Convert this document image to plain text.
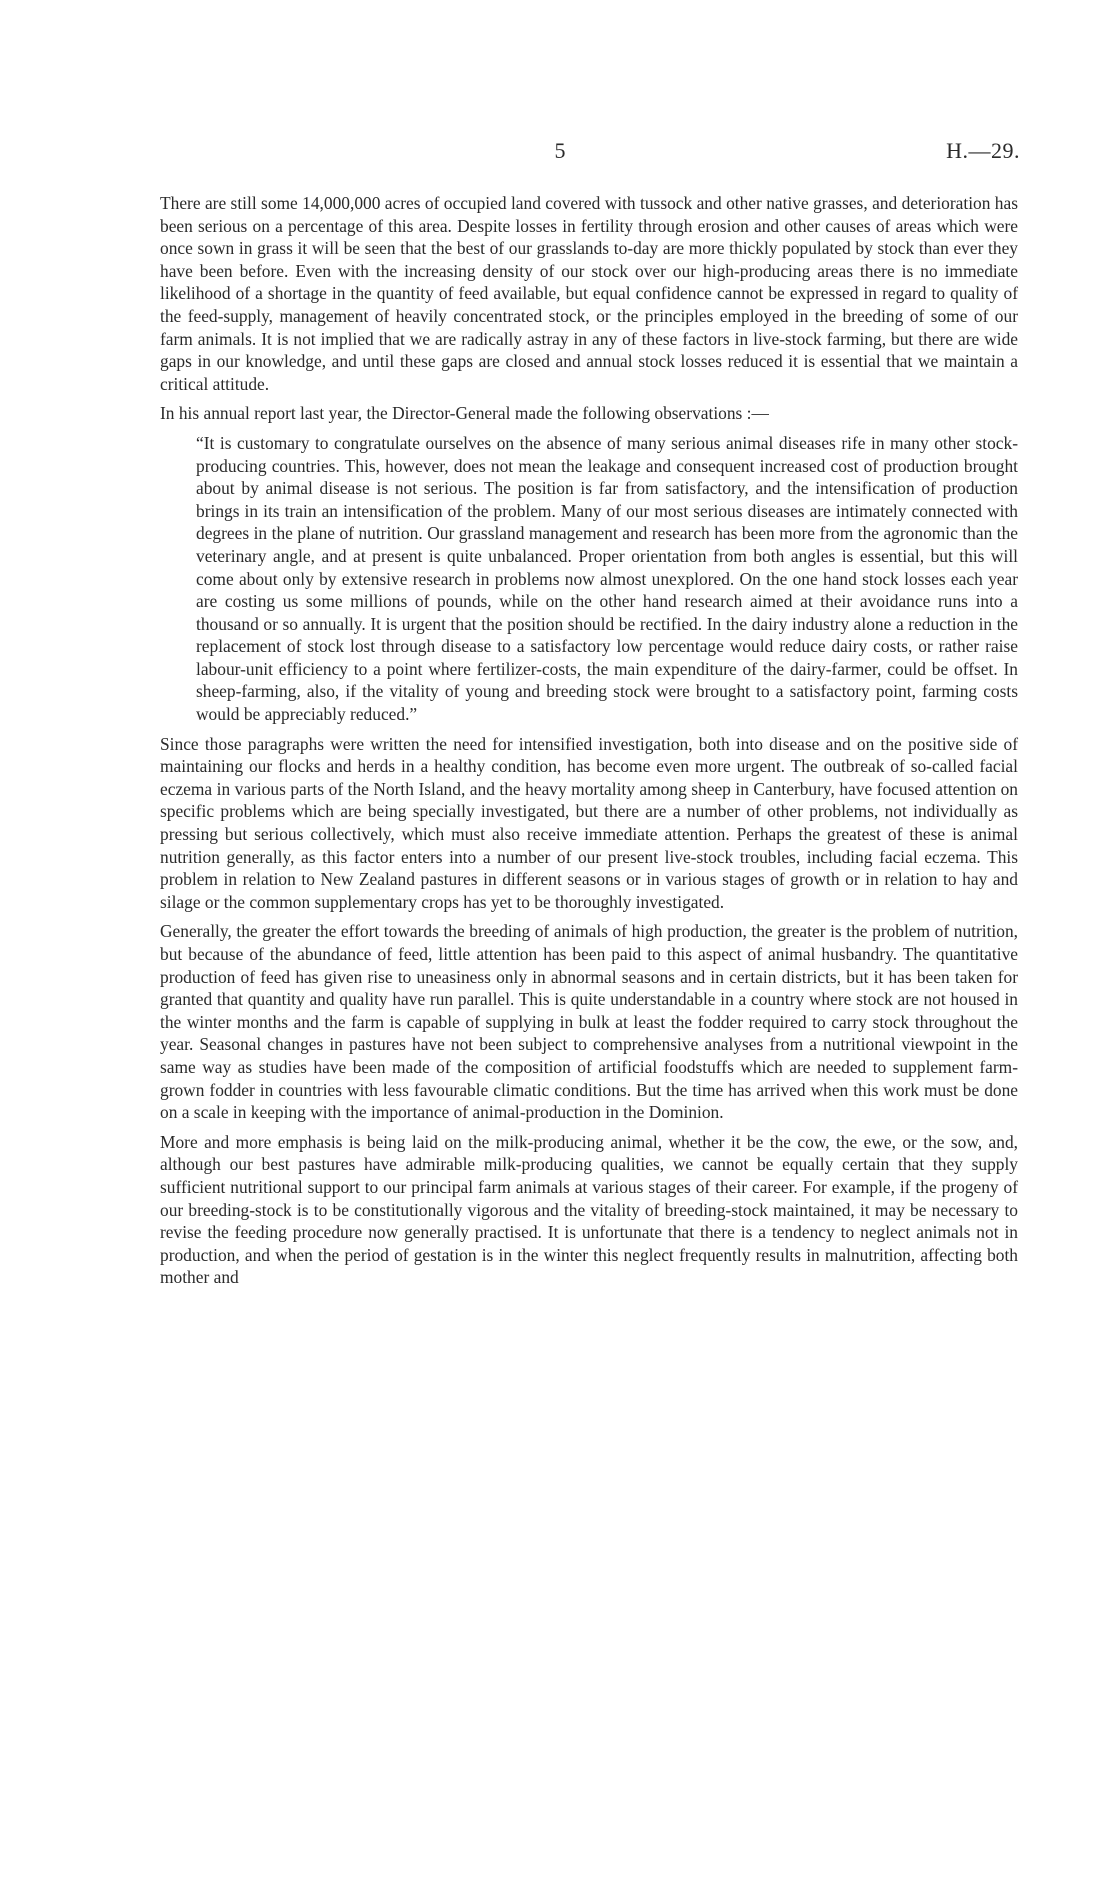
5	H.—29.

There are still some 14,000,000 acres of occupied land covered with tussock and other native grasses, and deterioration has been serious on a percentage of this area. Despite losses in fertility through erosion and other causes of areas which were once sown in grass it will be seen that the best of our grasslands to-day are more thickly populated by stock than ever they have been before. Even with the increasing density of our stock over our high-producing areas there is no immediate likelihood of a shortage in the quantity of feed available, but equal confidence cannot be expressed in regard to quality of the feed-supply, management of heavily concentrated stock, or the principles employed in the breeding of some of our farm animals. It is not implied that we are radically astray in any of these factors in live-stock farming, but there are wide gaps in our knowledge, and until these gaps are closed and annual stock losses reduced it is essential that we maintain a critical attitude.

In his annual report last year, the Director-General made the following observations :—

“It is customary to congratulate ourselves on the absence of many serious animal diseases rife in many other stock-producing countries. This, however, does not mean the leakage and consequent increased cost of production brought about by animal disease is not serious. The position is far from satisfactory, and the intensification of production brings in its train an intensification of the problem. Many of our most serious diseases are intimately connected with degrees in the plane of nutrition. Our grassland management and research has been more from the agronomic than the veterinary angle, and at present is quite unbalanced. Proper orientation from both angles is essential, but this will come about only by extensive research in problems now almost unexplored. On the one hand stock losses each year are costing us some millions of pounds, while on the other hand research aimed at their avoidance runs into a thousand or so annually. It is urgent that the position should be rectified. In the dairy industry alone a reduction in the replacement of stock lost through disease to a satisfactory low percentage would reduce dairy costs, or rather raise labour-unit efficiency to a point where fertilizer-costs, the main expenditure of the dairy-farmer, could be offset. In sheep-farming, also, if the vitality of young and breeding stock were brought to a satisfactory point, farming costs would be appreciably reduced.”

Since those paragraphs were written the need for intensified investigation, both into disease and on the positive side of maintaining our flocks and herds in a healthy condition, has become even more urgent. The outbreak of so-called facial eczema in various parts of the North Island, and the heavy mortality among sheep in Canterbury, have focused attention on specific problems which are being specially investigated, but there are a number of other problems, not individually as pressing but serious collectively, which must also receive immediate attention. Perhaps the greatest of these is animal nutrition generally, as this factor enters into a number of our present live-stock troubles, including facial eczema. This problem in relation to New Zealand pastures in different seasons or in various stages of growth or in relation to hay and silage or the common supplementary crops has yet to be thoroughly investigated.

Generally, the greater the effort towards the breeding of animals of high production, the greater is the problem of nutrition, but because of the abundance of feed, little attention has been paid to this aspect of animal husbandry. The quantitative production of feed has given rise to uneasiness only in abnormal seasons and in certain districts, but it has been taken for granted that quantity and quality have run parallel. This is quite understandable in a country where stock are not housed in the winter months and the farm is capable of supplying in bulk at least the fodder required to carry stock throughout the year. Seasonal changes in pastures have not been subject to comprehensive analyses from a nutritional viewpoint in the same way as studies have been made of the composition of artificial foodstuffs which are needed to supplement farm-grown fodder in countries with less favourable climatic conditions. But the time has arrived when this work must be done on a scale in keeping with the importance of animal-production in the Dominion.

More and more emphasis is being laid on the milk-producing animal, whether it be the cow, the ewe, or the sow, and, although our best pastures have admirable milk-producing qualities, we cannot be equally certain that they supply sufficient nutritional support to our principal farm animals at various stages of their career. For example, if the progeny of our breeding-stock is to be constitutionally vigorous and the vitality of breeding-stock maintained, it may be necessary to revise the feeding procedure now generally practised. It is unfortunate that there is a tendency to neglect animals not in production, and when the period of gestation is in the winter this neglect frequently results in malnutrition, affecting both mother and
